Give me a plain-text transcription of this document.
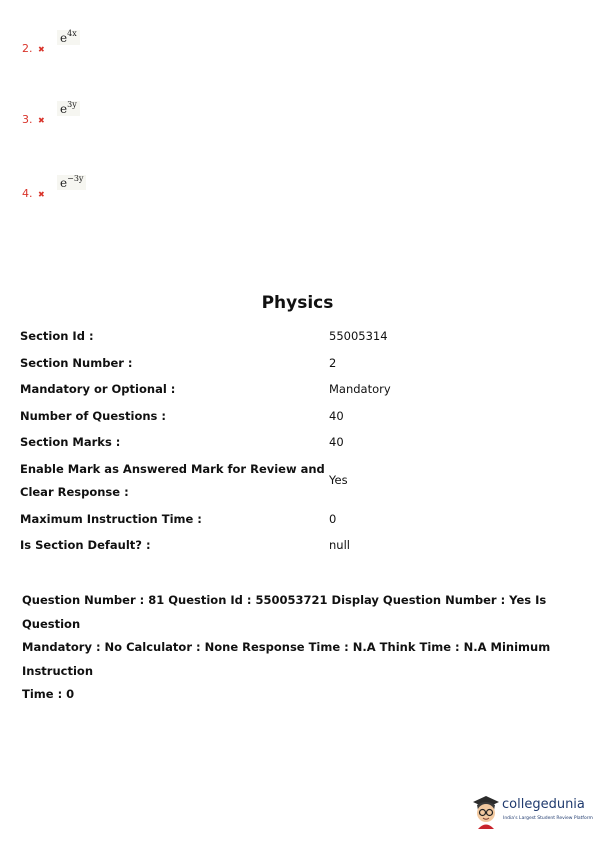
2. ✖
$e^{4x}$
3. ✖
$e^{3y}$
4. ✖
$e^{-3y}$
Physics
Section Id :	55005314
Section Number :	2
Mandatory or Optional :	Mandatory
Number of Questions :	40
Section Marks :	40
Enable Mark as Answered Mark for Review and
Clear Response :
Yes
Maximum Instruction Time :	0
Is Section Default? :	null
Question Number : 81 Question Id : 550053721 Display Question Number : Yes Is Question
Mandatory : No Calculator : None Response Time : N.A Think Time : N.A Minimum Instruction
Time : 0
collegedunia
India's Largest Student Review Platform
